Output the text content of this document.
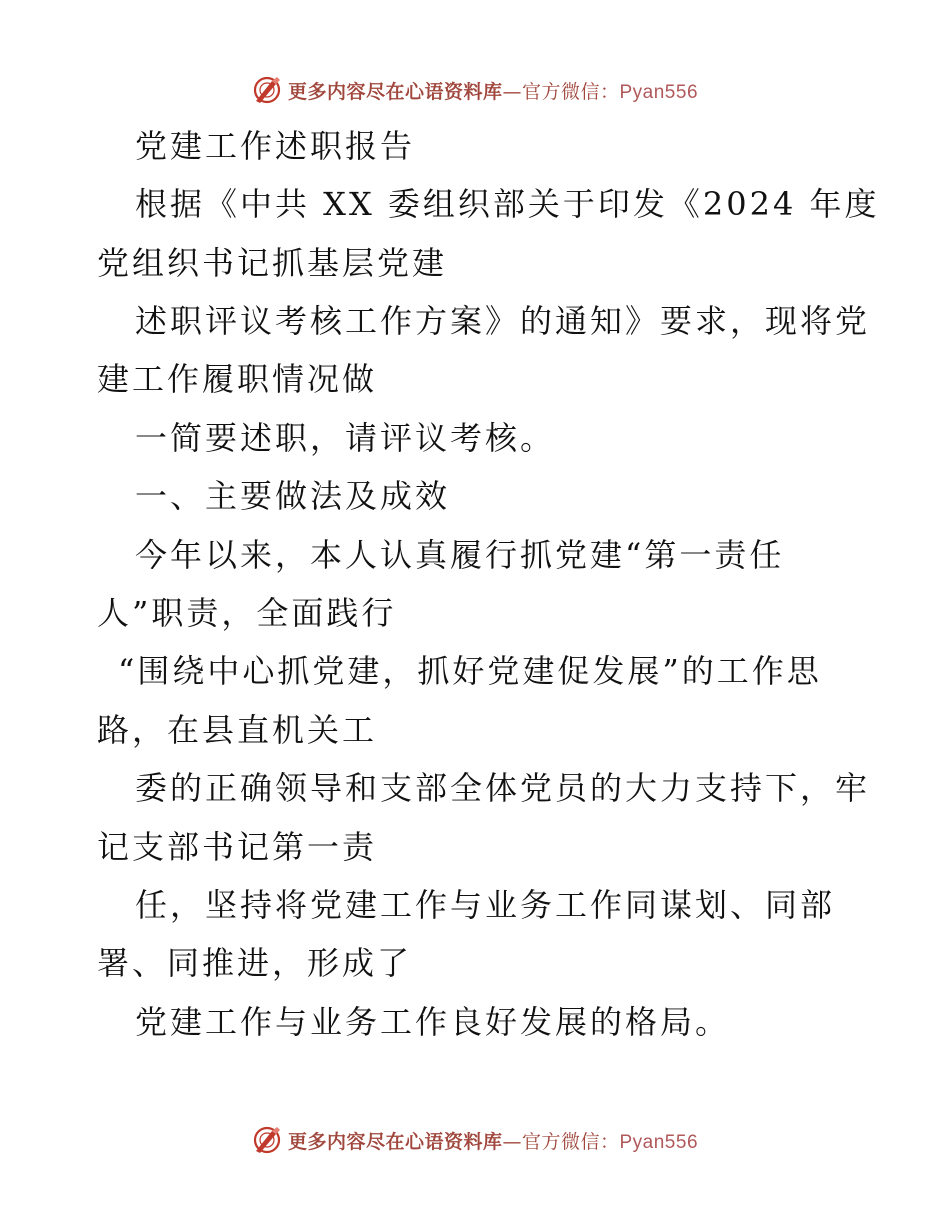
更多内容尽在心语资料库 — 官方微信： Pyan556
党建工作述职报告
根据《中共 XX 委组织部关于印发《2024 年度
党组织书记抓基层党建
述职评议考核工作方案》的通知》要求，现将党
建工作履职情况做
一简要述职，请评议考核。
一、主要做法及成效
今年以来，本人认真履行抓党建“第一责任
人”职责，全面践行
“围绕中心抓党建，抓好党建促发展”的工作思
路，在县直机关工
委的正确领导和支部全体党员的大力支持下，牢
记支部书记第一责
任，坚持将党建工作与业务工作同谋划、同部
署、同推进，形成了
党建工作与业务工作良好发展的格局。
更多内容尽在心语资料库 — 官方微信： Pyan556
